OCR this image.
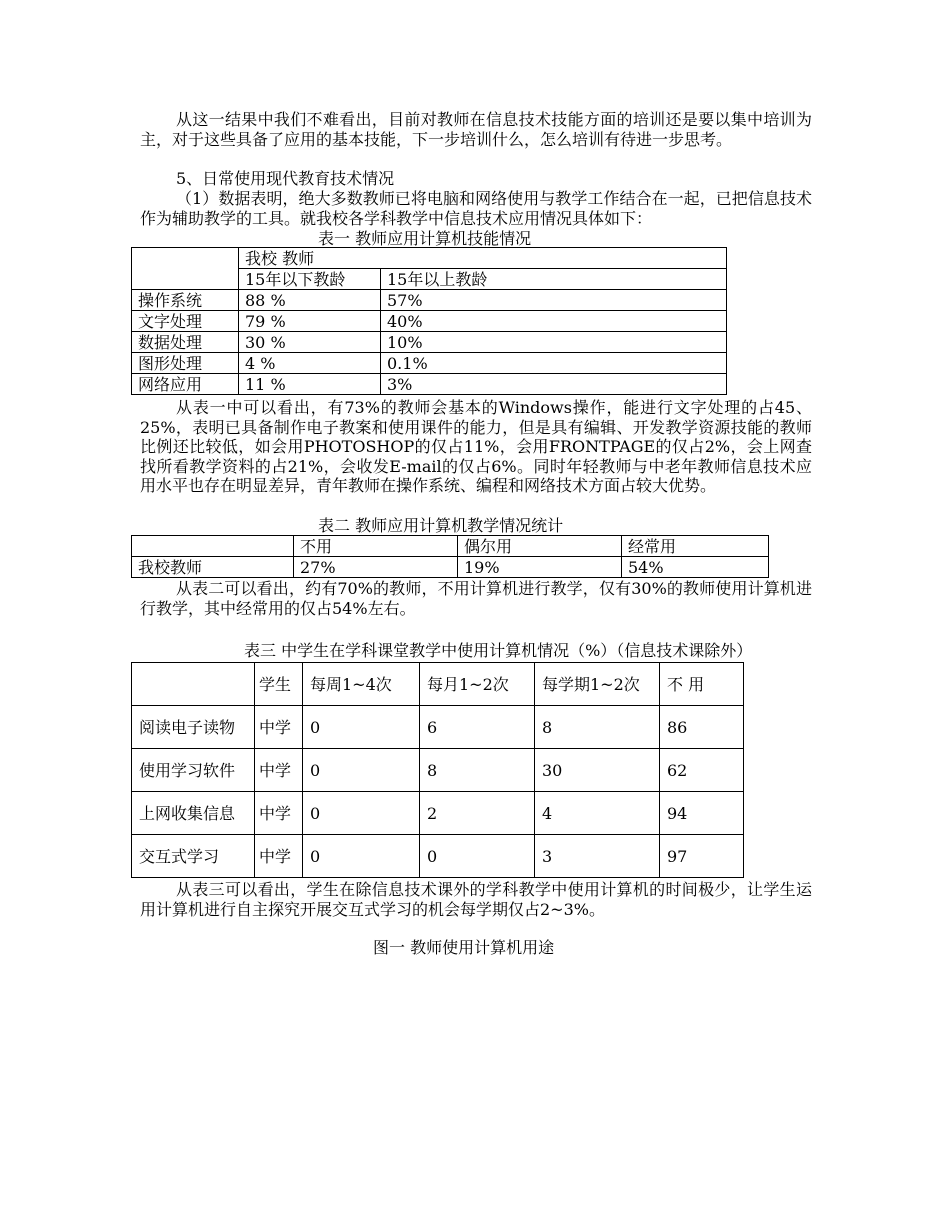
从这一结果中我们不难看出，目前对教师在信息技术技能方面的培训还是要以集中培训为主，对于这些具备了应用的基本技能，下一步培训什么，怎么培训有待进一步思考。

5、日常使用现代教育技术情况

（1）数据表明，绝大多数教师已将电脑和网络使用与教学工作结合在一起，已把信息技术作为辅助教学的工具。就我校各学科教学中信息技术应用情况具体如下：

表一 教师应用计算机技能情况
	我校 教师	
	15年以下教龄	15年以上教龄
操作系统	88 %	57%
文字处理	79 %	40%
数据处理	30 %	10%
图形处理	4 %	0.1%
网络应用	11 %	3%

从表一中可以看出，有73%的教师会基本的Windows操作，能进行文字处理的占45、25%，表明已具备制作电子教案和使用课件的能力，但是具有编辑、开发教学资源技能的教师比例还比较低，如会用PHOTOSHOP的仅占11%，会用FRONTPAGE的仅占2%，会上网查找所看教学资料的占21%，会收发E-mail的仅占6%。同时年轻教师与中老年教师信息技术应用水平也存在明显差异，青年教师在操作系统、编程和网络技术方面占较大优势。

表二 教师应用计算机教学情况统计
	不用	偶尔用	经常用
我校教师	27%	19%	54%

从表二可以看出，约有70%的教师，不用计算机进行教学，仅有30%的教师使用计算机进行教学，其中经常用的仅占54%左右。

表三 中学生在学科课堂教学中使用计算机情况（%）（信息技术课除外）
	学生	每周1~4次	每月1~2次	每学期1~2次	不 用
阅读电子读物	中学	0	6	8	86
使用学习软件	中学	0	8	30	62
上网收集信息	中学	0	2	4	94
交互式学习	中学	0	0	3	97

从表三可以看出，学生在除信息技术课外的学科教学中使用计算机的时间极少，让学生运用计算机进行自主探究开展交互式学习的机会每学期仅占2~3%。

图一 教师使用计算机用途
